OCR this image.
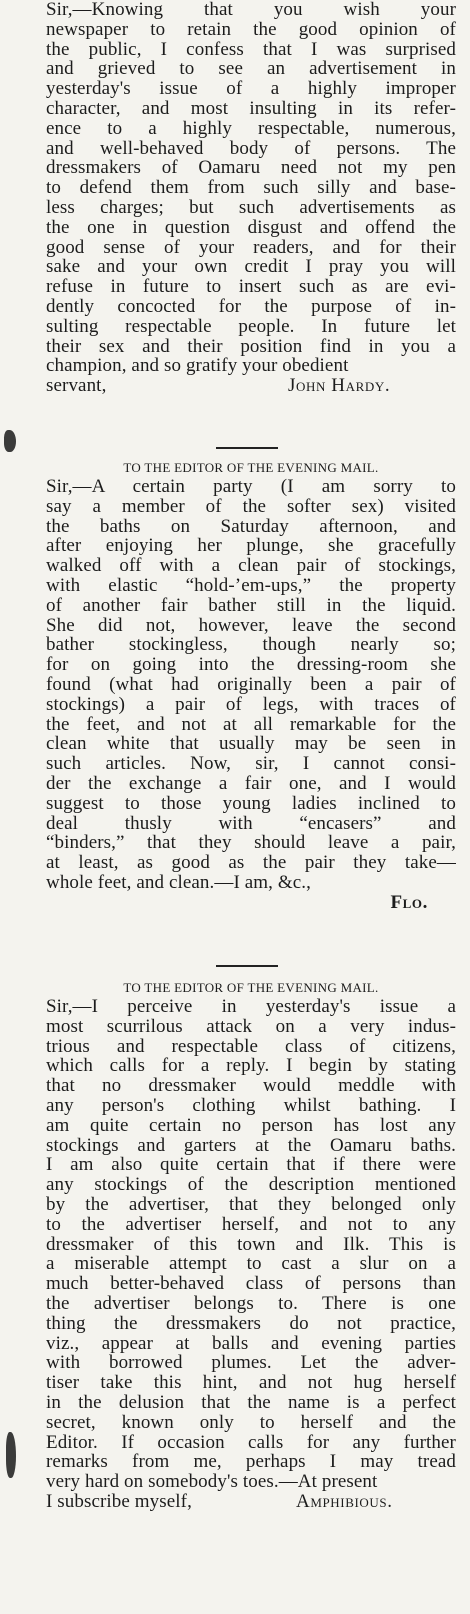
Sir,—Knowing that you wish your
newspaper to retain the good opinion of
the public, I confess that I was surprised
and grieved to see an advertisement in
yesterday's issue of a highly improper
character, and most insulting in its refer-
ence to a highly respectable, numerous,
and well-behaved body of persons. The
dressmakers of Oamaru need not my pen
to defend them from such silly and base-
less charges; but such advertisements as
the one in question disgust and offend the
good sense of your readers, and for their
sake and your own credit I pray you will
refuse in future to insert such as are evi-
dently concocted for the purpose of in-
sulting respectable people. In future let
their sex and their position find in you a
champion, and so gratify your obedient
servant,	John Hardy.

TO THE EDITOR OF THE EVENING MAIL.

Sir,—A certain party (I am sorry to
say a member of the softer sex) visited
the baths on Saturday afternoon, and
after enjoying her plunge, she gracefully
walked off with a clean pair of stockings,
with elastic “hold-’em-ups,” the property
of another fair bather still in the liquid.
She did not, however, leave the second
bather stockingless, though nearly so;
for on going into the dressing-room she
found (what had originally been a pair of
stockings) a pair of legs, with traces of
the feet, and not at all remarkable for the
clean white that usually may be seen in
such articles. Now, sir, I cannot consi-
der the exchange a fair one, and I would
suggest to those young ladies inclined to
deal thusly with “encasers” and
“binders,” that they should leave a pair,
at least, as good as the pair they take—
whole feet, and clean.—I am, &c.,
Flo.

TO THE EDITOR OF THE EVENING MAIL.

Sir,—I perceive in yesterday's issue a
most scurrilous attack on a very indus-
trious and respectable class of citizens,
which calls for a reply. I begin by stating
that no dressmaker would meddle with
any person's clothing whilst bathing. I
am quite certain no person has lost any
stockings and garters at the Oamaru baths.
I am also quite certain that if there were
any stockings of the description mentioned
by the advertiser, that they belonged only
to the advertiser herself, and not to any
dressmaker of this town and Ilk. This is
a miserable attempt to cast a slur on a
much better-behaved class of persons than
the advertiser belongs to. There is one
thing the dressmakers do not practice,
viz., appear at balls and evening parties
with borrowed plumes. Let the adver-
tiser take this hint, and not hug herself
in the delusion that the name is a perfect
secret, known only to herself and the
Editor. If occasion calls for any further
remarks from me, perhaps I may tread
very hard on somebody's toes.—At present
I subscribe myself,	Amphibious.
